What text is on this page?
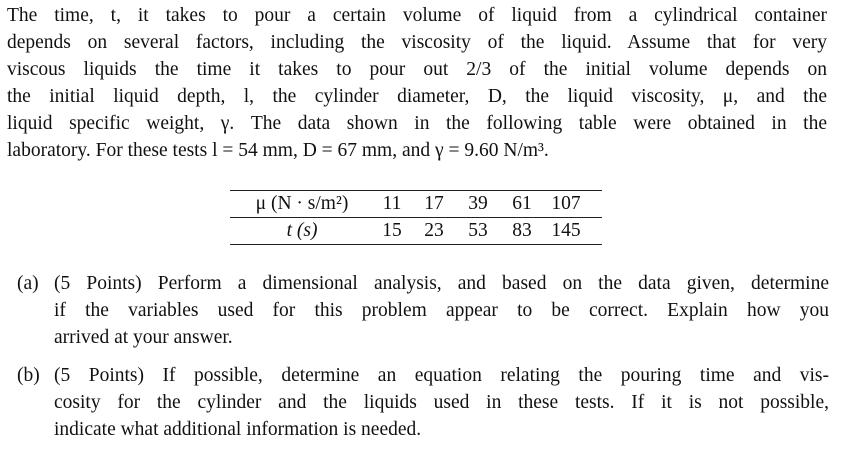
The time, t, it takes to pour a certain volume of liquid from a cylindrical container
depends on several factors, including the viscosity of the liquid. Assume that for very
viscous liquids the time it takes to pour out 2/3 of the initial volume depends on
the initial liquid depth, l, the cylinder diameter, D, the liquid viscosity, μ, and the
liquid specific weight, γ. The data shown in the following table were obtained in the
laboratory. For these tests l = 54 mm, D = 67 mm, and γ = 9.60 N/m³.
μ (N · s/m²)	11	17	39	61	107
t (s)	15	23	53	83	145
(a) (5 Points) Perform a dimensional analysis, and based on the data given, determine
if the variables used for this problem appear to be correct. Explain how you
arrived at your answer.
(b) (5 Points) If possible, determine an equation relating the pouring time and vis-
cosity for the cylinder and the liquids used in these tests. If it is not possible,
indicate what additional information is needed.
